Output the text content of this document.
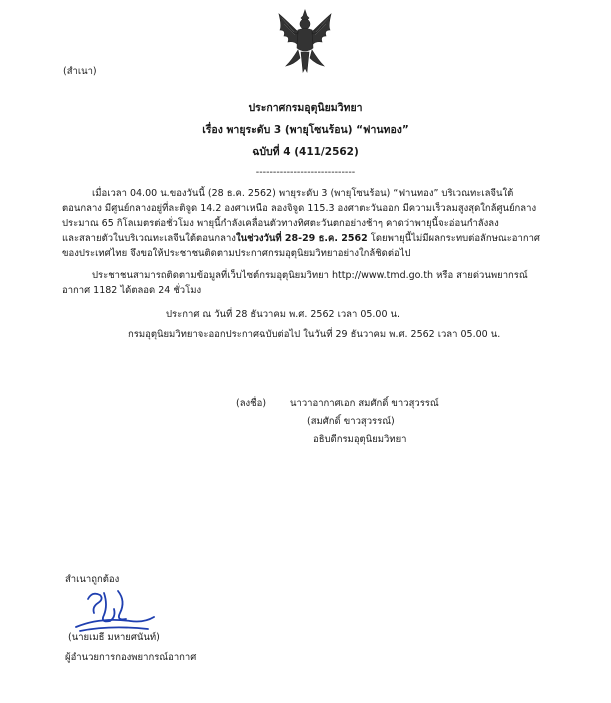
(สำเนา)
ประกาศกรมอุตุนิยมวิทยา
เรื่อง พายุระดับ 3 (พายุโซนร้อน) “ฟานทอง”
ฉบับที่ 4 (411/2562)
-----------------------------
เมื่อเวลา 04.00 น.ของวันนี้ (28 ธ.ค. 2562) พายุระดับ 3 (พายุโซนร้อน) “ฟานทอง” บริเวณทะเลจีนใต้
ตอนกลาง มีศูนย์กลางอยู่ที่ละติจูด 14.2 องศาเหนือ ลองจิจูด 115.3 องศาตะวันออก มีความเร็วลมสูงสุดใกล้ศูนย์กลาง
ประมาณ 65 กิโลเมตรต่อชั่วโมง พายุนี้กำลังเคลื่อนตัวทางทิศตะวันตกอย่างช้าๆ คาดว่าพายุนี้จะอ่อนกำลังลง
และสลายตัวในบริเวณทะเลจีนใต้ตอนกลางในช่วงวันที่ 28-29 ธ.ค. 2562 โดยพายุนี้ไม่มีผลกระทบต่อลักษณะอากาศ
ของประเทศไทย จึงขอให้ประชาชนติดตามประกาศกรมอุตุนิยมวิทยาอย่างใกล้ชิดต่อไป
ประชาชนสามารถติดตามข้อมูลที่เว็บไซต์กรมอุตุนิยมวิทยา http://www.tmd.go.th หรือ สายด่วนพยากรณ์
อากาศ 1182 ได้ตลอด 24 ชั่วโมง
ประกาศ ณ วันที่ 28 ธันวาคม พ.ศ. 2562 เวลา 05.00 น.
กรมอุตุนิยมวิทยาจะออกประกาศฉบับต่อไป ในวันที่ 29 ธันวาคม พ.ศ. 2562 เวลา 05.00 น.
(ลงชื่อ)	นาวาอากาศเอก สมศักดิ์ ขาวสุวรรณ์
(สมศักดิ์ ขาวสุวรรณ์)
อธิบดีกรมอุตุนิยมวิทยา
สำเนาถูกต้อง
(นายเมธี มหายศนันท์)
ผู้อำนวยการกองพยากรณ์อากาศ
